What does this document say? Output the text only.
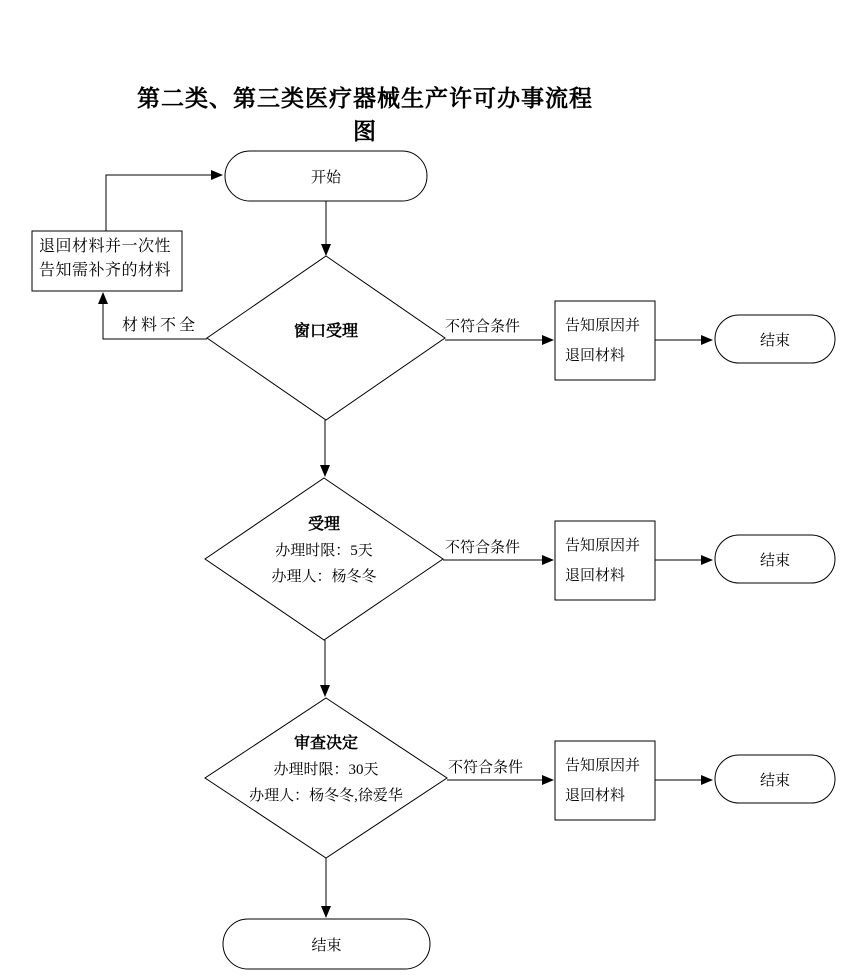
第二类、第三类医疗器械生产许可办事流程图
开始
退回材料并一次性
告知需补齐的材料
窗口受理
材料不全	不符合条件
不符合条件
不符合条件
告知原因并
退回材料
结束
受理
办理时限：5天
办理人：杨冬冬
告知原因并
退回材料
结束
审查决定
办理时限：30天
办理人：杨冬冬,徐爱华
告知原因并
退回材料
结束
结束
